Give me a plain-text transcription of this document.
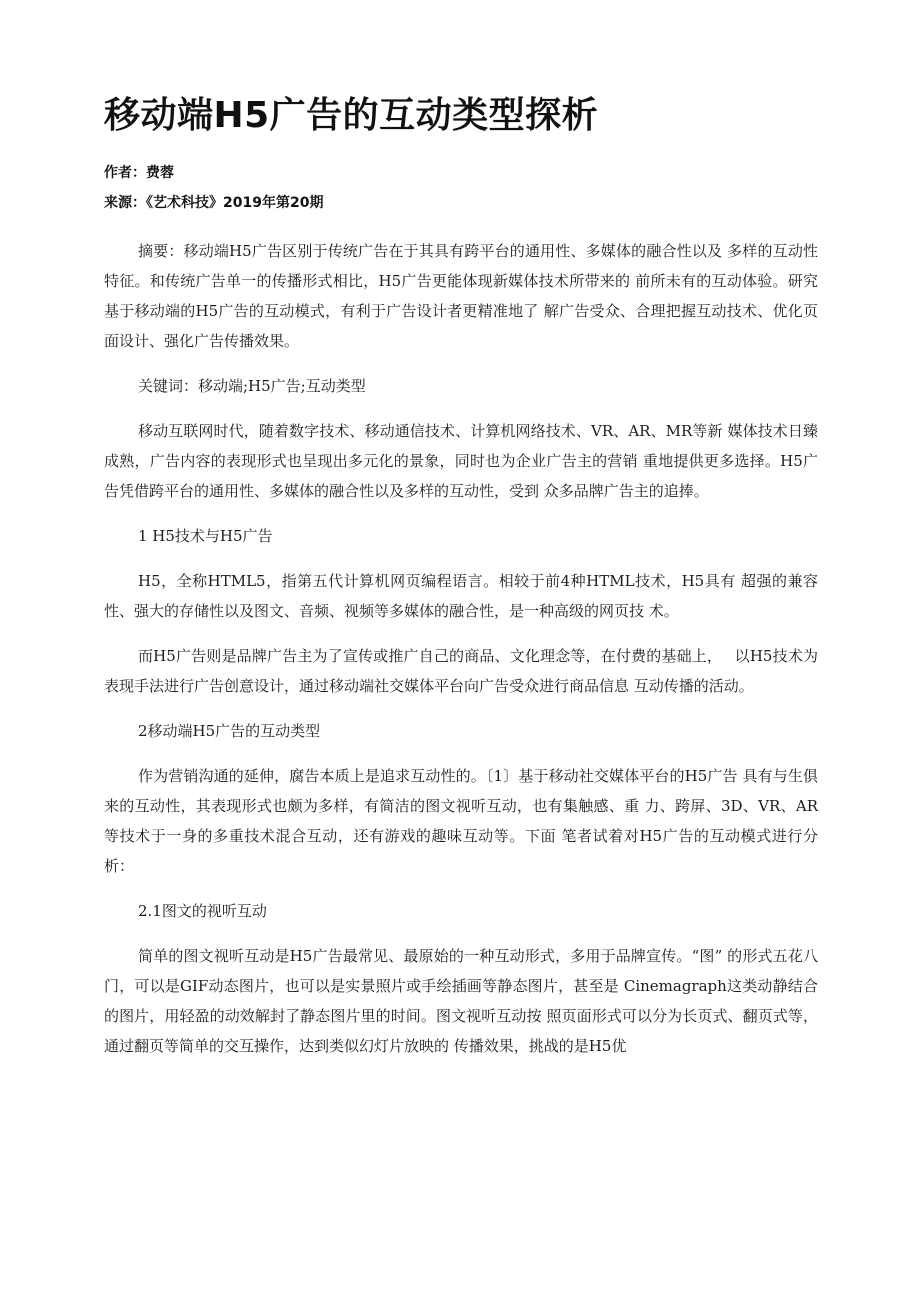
移动端H5广告的互动类型探析
作者：费蓉
来源：《艺术科技》2019年第20期

摘要：移动端H5广告区别于传统广告在于其具有跨平台的通用性、多媒体的融合性以及 多样的互动性特征。和传统广告单一的传播形式相比，H5广告更能体现新媒体技术所带来的 前所未有的互动体验。研究基于移动端的H5广告的互动模式，有利于广告设计者更精准地了 解广告受众、合理把握互动技术、优化页面设计、强化广告传播效果。

关键词：移动端;H5广告;互动类型

移动互联网时代，随着数字技术、移动通信技术、计算机网络技术、VR、AR、MR等新 媒体技术日臻成熟，广告内容的表现形式也呈现出多元化的景象，同时也为企业广告主的营销 重地提供更多选择。H5广告凭借跨平台的通用性、多媒体的融合性以及多样的互动性，受到 众多品牌广告主的追捧。

1 H5技术与H5广告

H5，全称HTML5，指第五代计算机网页编程语言。相较于前4种HTML技术，H5具有 超强的兼容性、强大的存储性以及图文、音频、视频等多媒体的融合性，是一种高级的网页技 术。

而H5广告则是品牌广告主为了宣传或推广自己的商品、文化理念等，在付费的基础上，　 以H5技术为表现手法进行广告创意设计，通过移动端社交媒体平台向广告受众进行商品信息 互动传播的活动。

2移动端H5广告的互动类型

作为营销沟通的延伸，腐告本质上是追求互动性的。〔1〕基于移动社交媒体平台的H5广告 具有与生俱来的互动性，其表现形式也颇为多样，有简洁的图文视听互动，也有集触感、重 力、跨屏、3D、VR、AR等技术于一身的多重技术混合互动，还有游戏的趣味互动等。下面 笔者试着对H5广告的互动模式进行分析：

2.1图文的视听互动

简单的图文视听互动是H5广告最常见、最原始的一种互动形式，多用于品牌宣传。“图” 的形式五花八门，可以是GIF动态图片，也可以是实景照片或手绘插画等静态图片，甚至是 Cinemagraph这类动静结合的图片，用轻盈的动效解封了静态图片里的时间。图文视听互动按 照页面形式可以分为长页式、翻页式等，通过翻页等简单的交互操作，达到类似幻灯片放映的 传播效果，挑战的是H5优
